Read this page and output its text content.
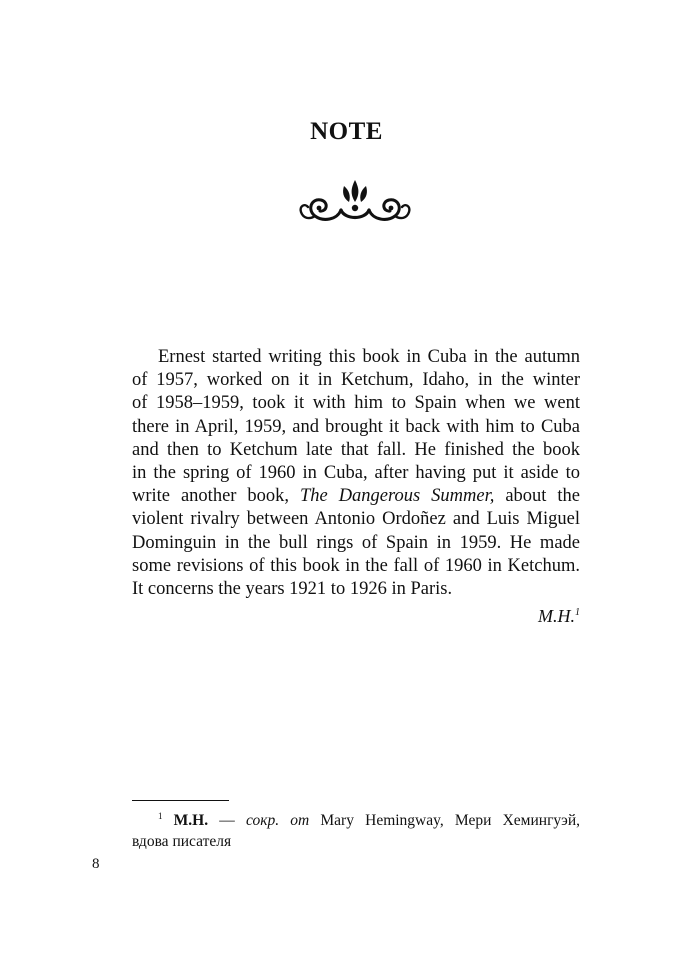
NOTE
Ernest started writing this book in Cuba in the autumn
of 1957, worked on it in Ketchum, Idaho, in the winter
of 1958–1959, took it with him to Spain when we went
there in April, 1959, and brought it back with him to Cuba
and then to Ketchum late that fall. He finished the book
in the spring of 1960 in Cuba, after having put it aside to
write another book, The Dangerous Summer, about the
violent rivalry between Antonio Ordoñez and Luis Miguel
Dominguin in the bull rings of Spain in 1959. He made
some revisions of this book in the fall of 1960 in Ketchum.
It concerns the years 1921 to 1926 in Paris.
M.H.$^1$
$^1$ М.Н. — сокр. от Mary Hemingway, Мери Хемингуэй,
вдова писателя
8
